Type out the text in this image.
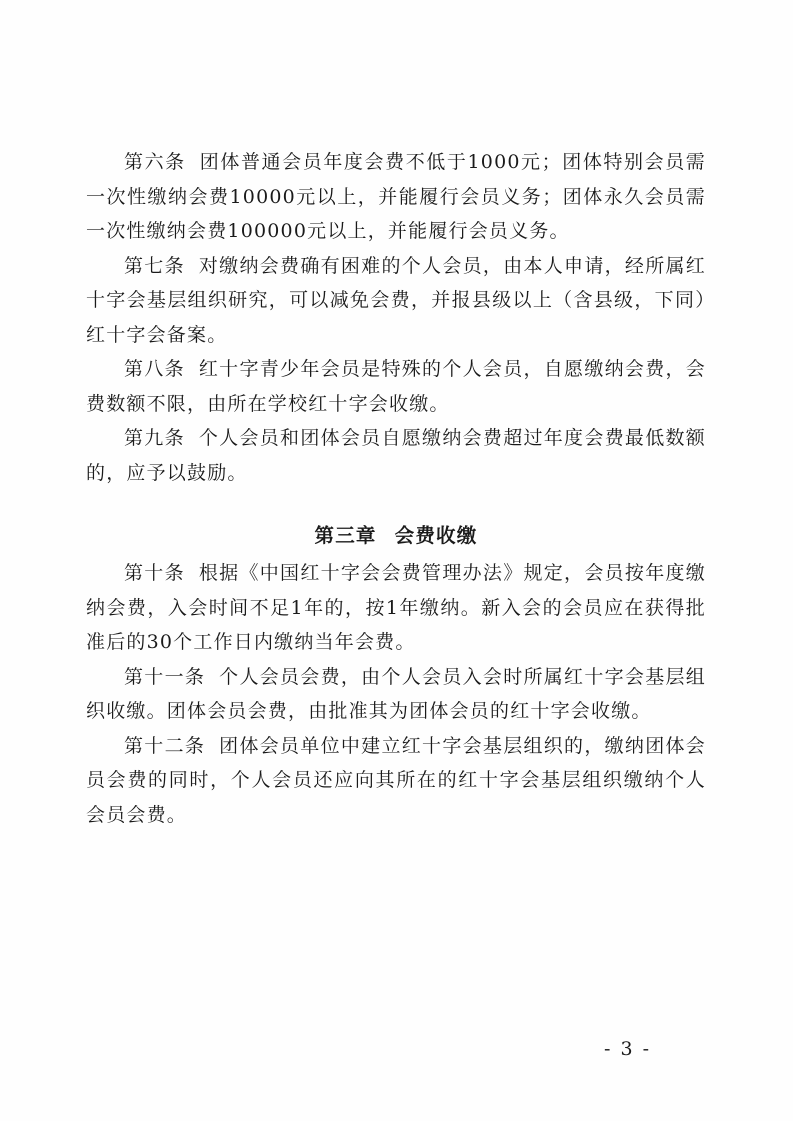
第六条 团体普通会员年度会费不低于1000元；团体特别会员需一次性缴纳会费10000元以上，并能履行会员义务；团体永久会员需一次性缴纳会费100000元以上，并能履行会员义务。

第七条 对缴纳会费确有困难的个人会员，由本人申请，经所属红十字会基层组织研究，可以减免会费，并报县级以上（含县级，下同）红十字会备案。

第八条 红十字青少年会员是特殊的个人会员，自愿缴纳会费，会费数额不限，由所在学校红十字会收缴。

第九条 个人会员和团体会员自愿缴纳会费超过年度会费最低数额的，应予以鼓励。

第三章 会费收缴

第十条 根据《中国红十字会会费管理办法》规定，会员按年度缴纳会费，入会时间不足1年的，按1年缴纳。新入会的会员应在获得批准后的30个工作日内缴纳当年会费。

第十一条 个人会员会费，由个人会员入会时所属红十字会基层组织收缴。团体会员会费，由批准其为团体会员的红十字会收缴。

第十二条 团体会员单位中建立红十字会基层组织的，缴纳团体会员会费的同时，个人会员还应向其所在的红十字会基层组织缴纳个人会员会费。

- 3 -
